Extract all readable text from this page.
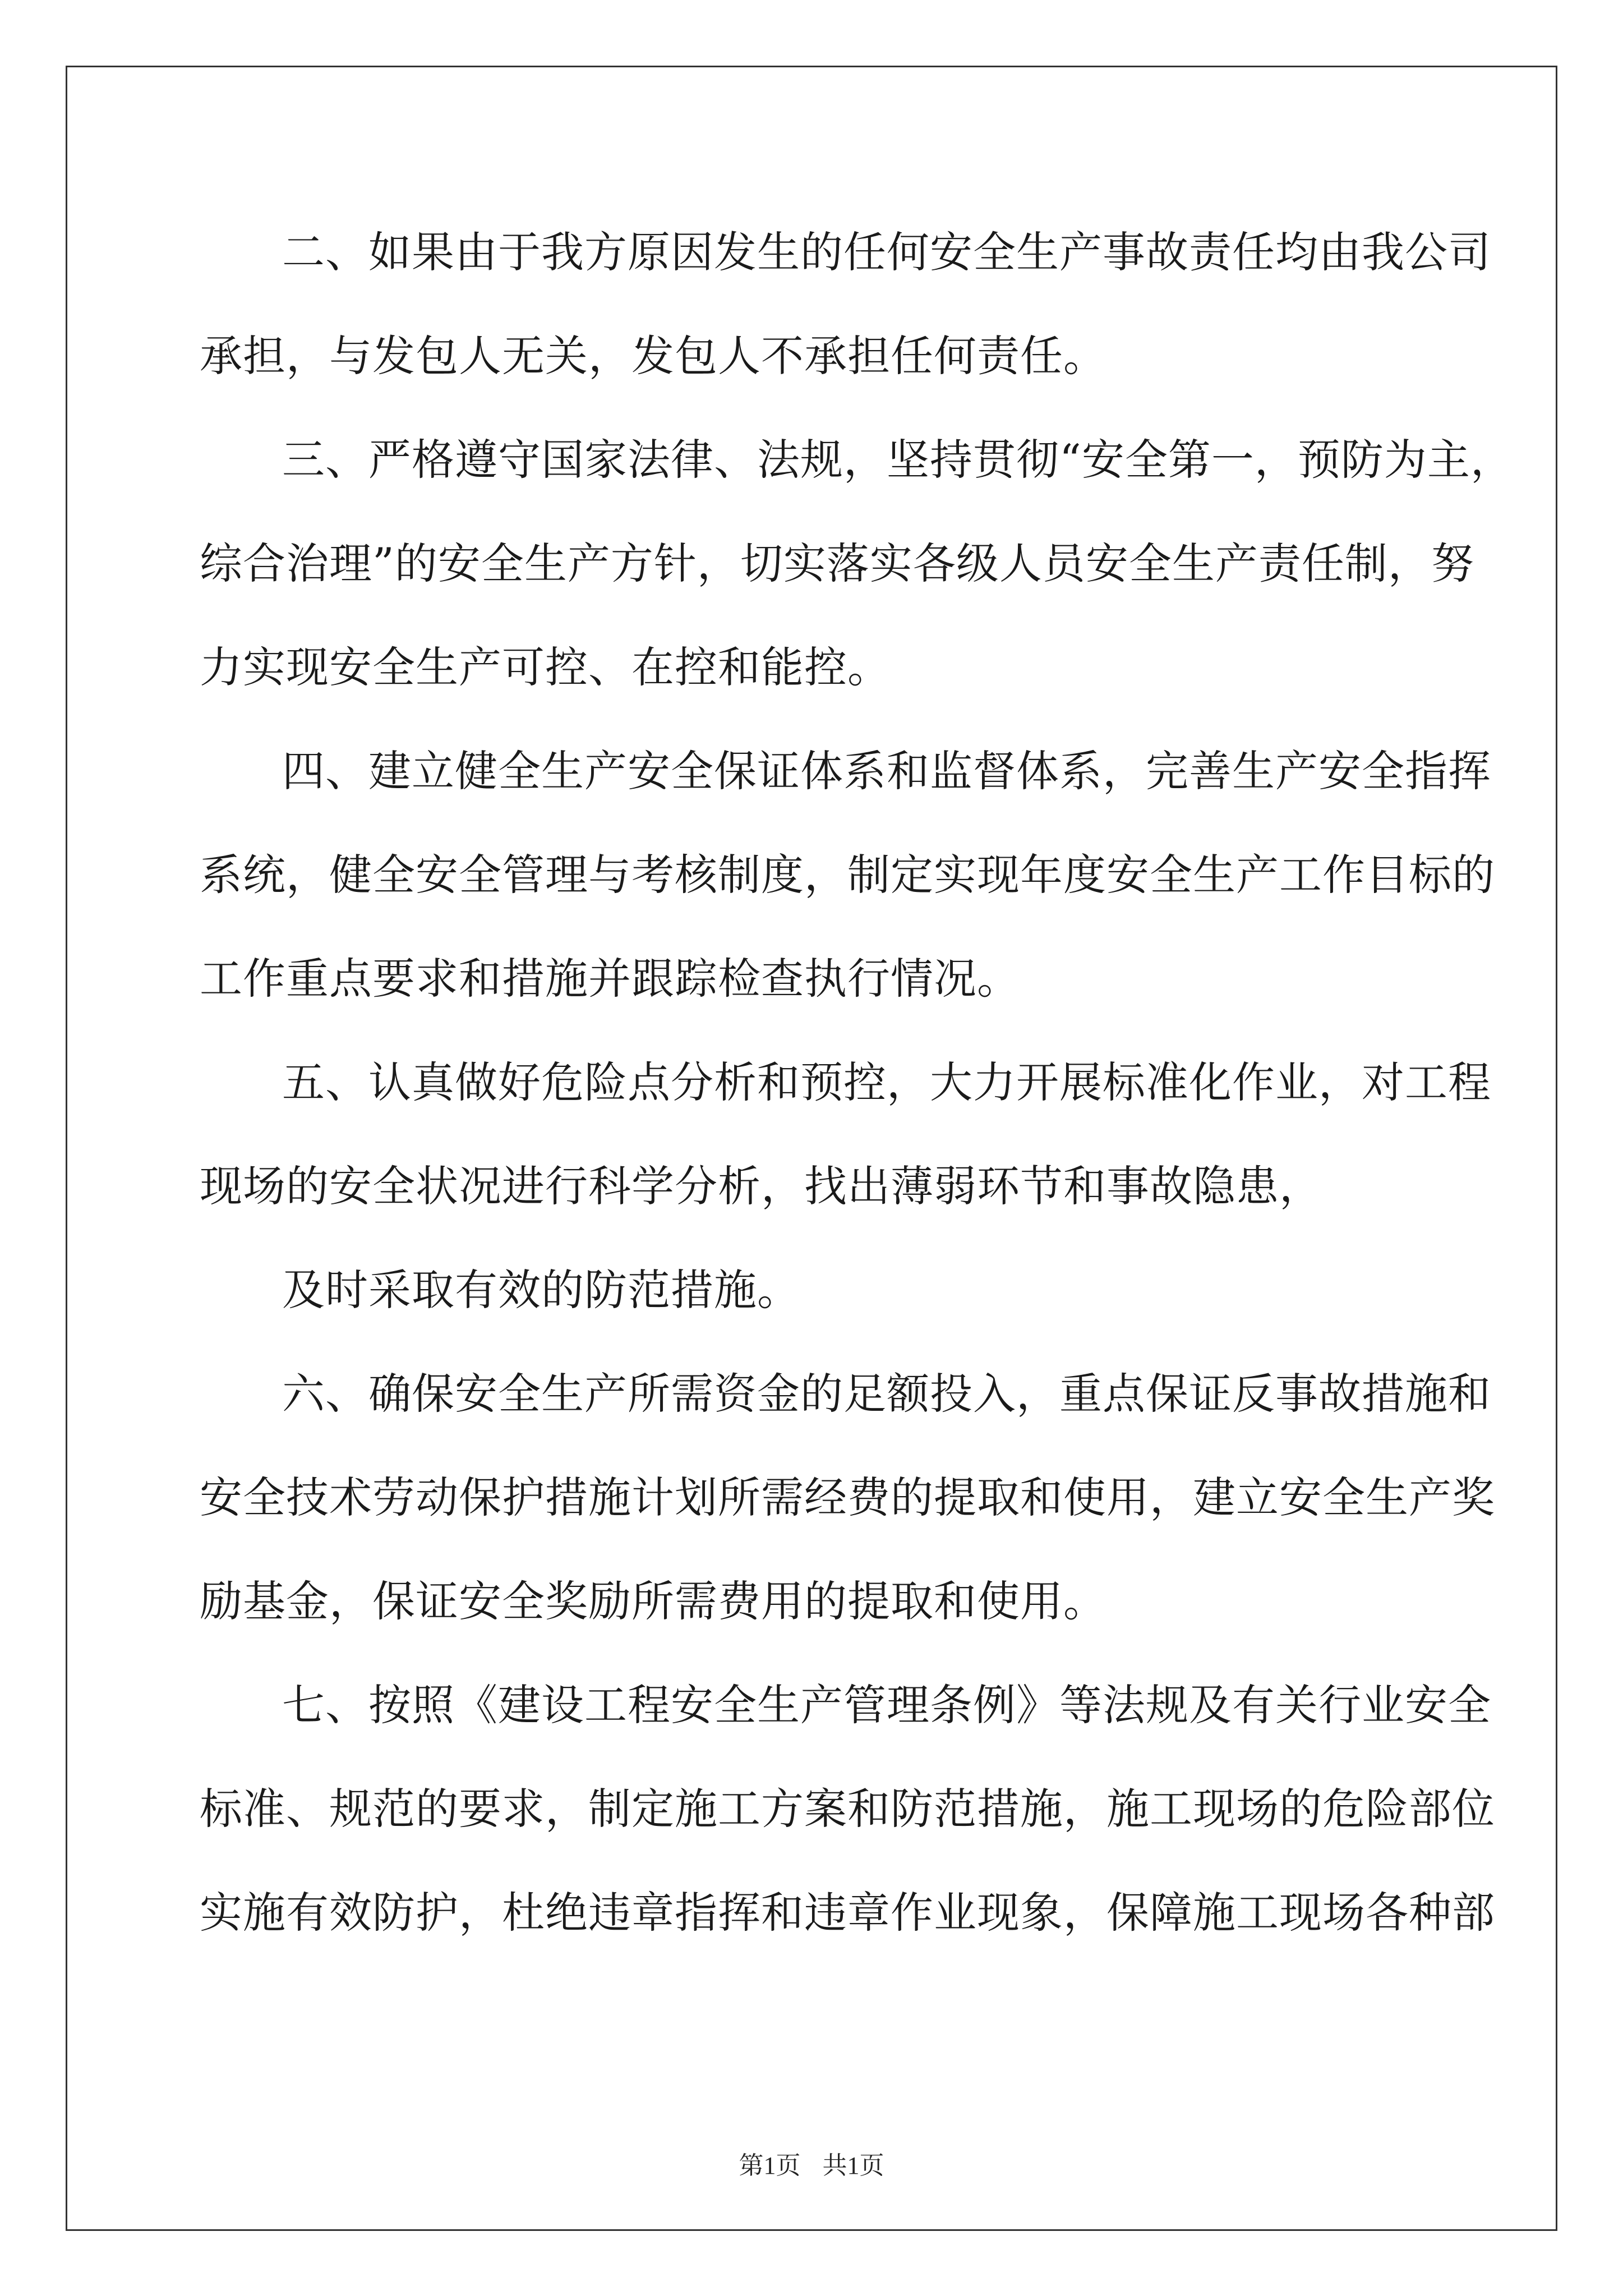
二、如果由于我方原因发生的任何安全生产事故责任均由我公司
承担，与发包人无关，发包人不承担任何责任。
三、严格遵守国家法律、法规，坚持贯彻“安全第一，预防为主，
综合治理”的安全生产方针，切实落实各级人员安全生产责任制，努
力实现安全生产可控、在控和能控。
四、建立健全生产安全保证体系和监督体系，完善生产安全指挥
系统，健全安全管理与考核制度，制定实现年度安全生产工作目标的
工作重点要求和措施并跟踪检查执行情况。
五、认真做好危险点分析和预控，大力开展标准化作业，对工程
现场的安全状况进行科学分析，找出薄弱环节和事故隐患，
及时采取有效的防范措施。
六、确保安全生产所需资金的足额投入，重点保证反事故措施和
安全技术劳动保护措施计划所需经费的提取和使用，建立安全生产奖
励基金，保证安全奖励所需费用的提取和使用。
七、按照《建设工程安全生产管理条例》等法规及有关行业安全
标准、规范的要求，制定施工方案和防范措施，施工现场的危险部位
实施有效防护，杜绝违章指挥和违章作业现象，保障施工现场各种部
第1页 共1页
